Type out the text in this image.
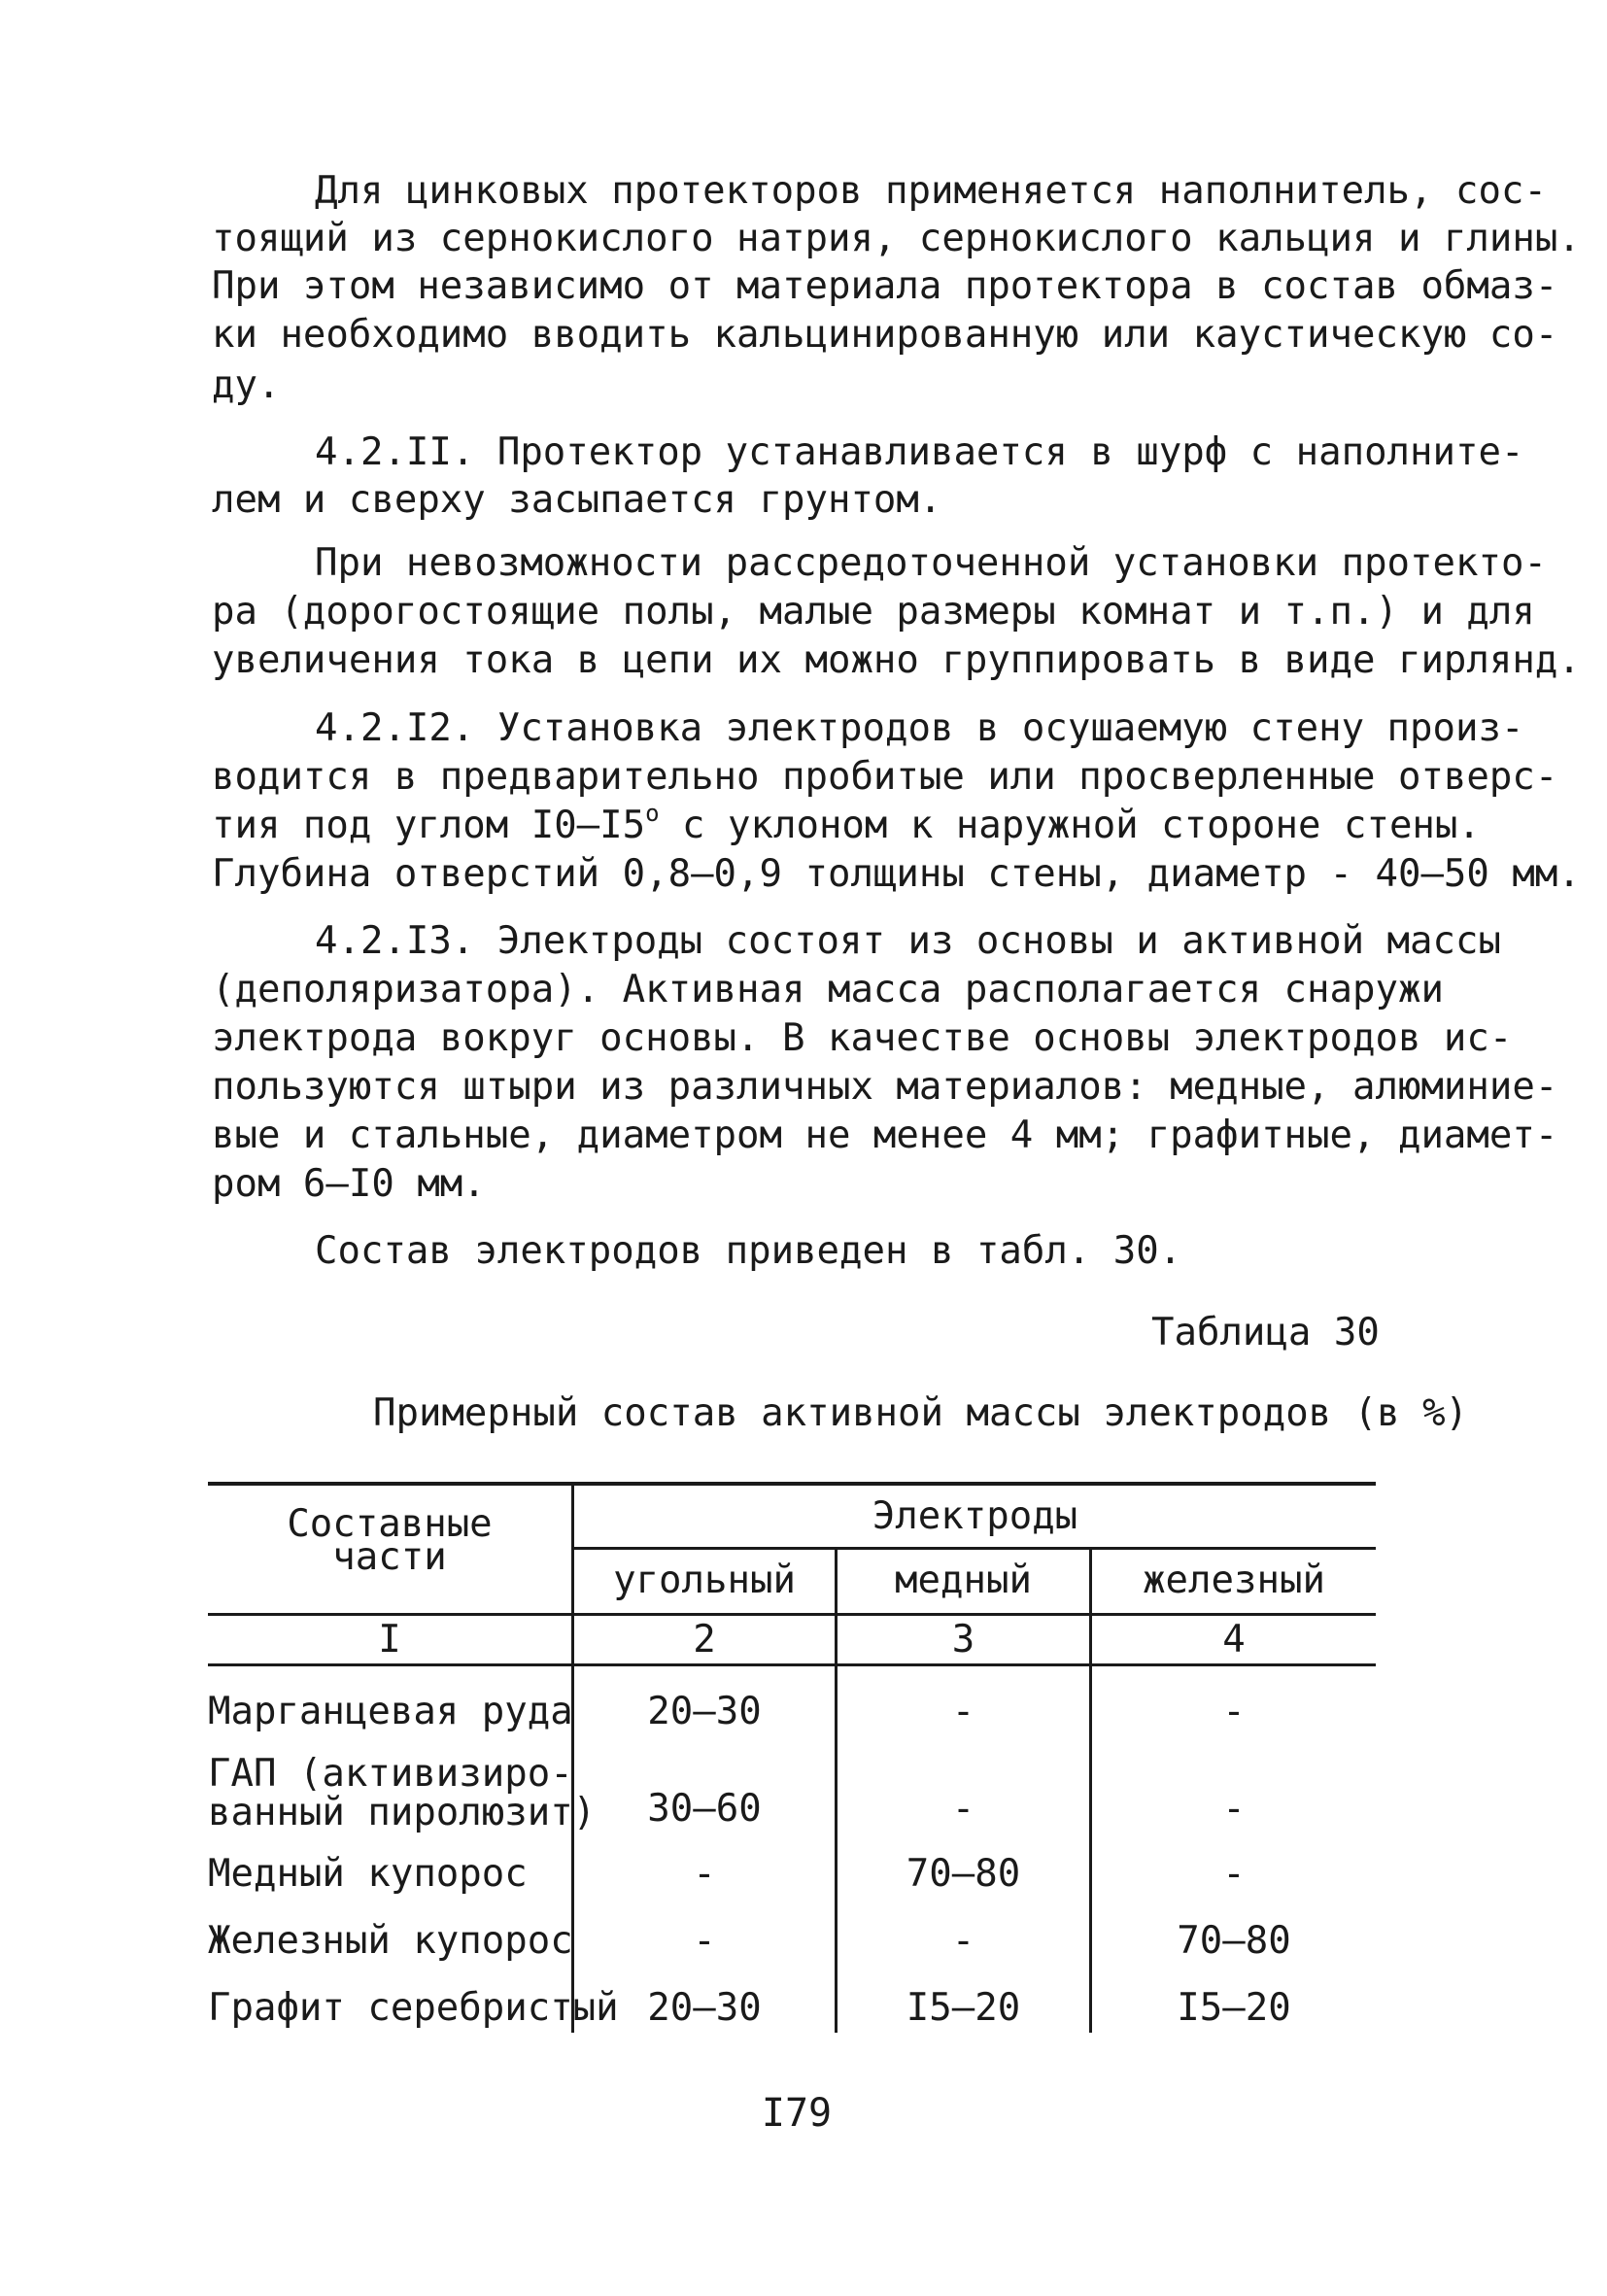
Для цинковых протекторов применяется наполнитель, сос-
тоящий из сернокислого натрия, сернокислого кальция и глины.
При этом независимо от материала протектора в состав обмаз-
ки необходимо вводить кальцинированную или каустическую со-
ду.
4.2.II. Протектор устанавливается в шурф с наполните-
лем и сверху засыпается грунтом.
При невозможности рассредоточенной установки протекто-
ра (дорогостоящие полы, малые размеры комнат и т.п.) и для
увеличения тока в цепи их можно группировать в виде гирлянд.
4.2.I2. Установка электродов в осушаемую стену произ-
водится в предварительно пробитые или просверленные отверс-
тия под углом $I0-I5^о$ с уклоном к наружной стороне стены.
Глубина отверстий 0,8–0,9 толщины стены, диаметр - 40–50 мм.
4.2.I3. Электроды состоят из основы и активной массы
(деполяризатора). Активная масса располагается снаружи
электрода вокруг основы. В качестве основы электродов ис-
пользуются штыри из различных материалов: медные, алюминие-
вые и стальные, диаметром не менее 4 мм; графитные, диамет-
ром 6–I0 мм.
Состав электродов приведен в табл. 30.
Таблица 30
Примерный состав активной массы электродов (в %)
Составные
части
Электроды
угольный	медный	железный
I	2	3	4
Марганцевая руда	20–30	-	-
ГАП (активизиро-
ванный пиролюзит)	30–60	-	-
Медный купорос	-	70–80	-
Железный купорос	-	-	70–80
Графит серебристый 20–30	I5–20	I5–20
I79
